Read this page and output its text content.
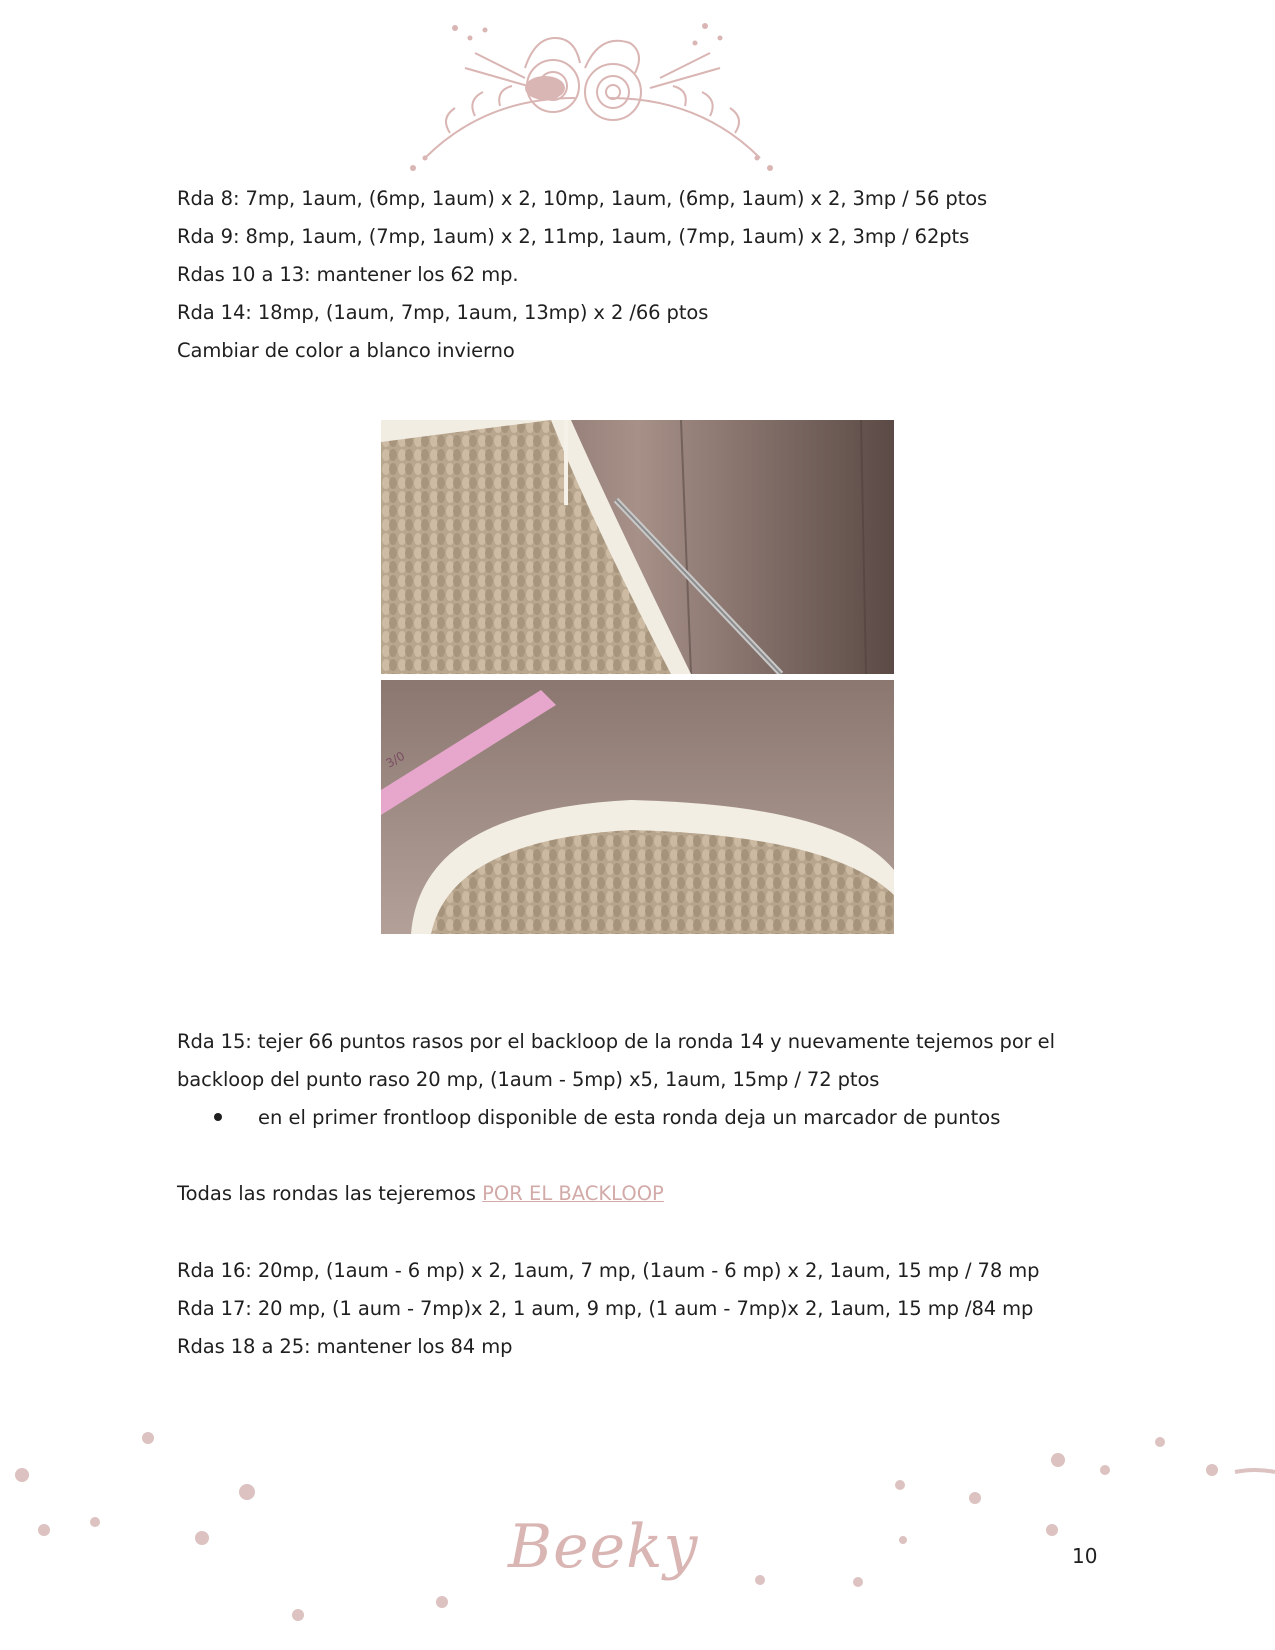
Rda 8: 7mp, 1aum, (6mp, 1aum) x 2, 10mp, 1aum, (6mp, 1aum) x 2, 3mp / 56 ptos
Rda 9: 8mp, 1aum, (7mp, 1aum) x 2, 11mp, 1aum, (7mp, 1aum) x 2, 3mp / 62pts
Rdas 10 a 13: mantener los 62 mp.
Rda 14: 18mp, (1aum, 7mp, 1aum, 13mp) x 2 /66 ptos
Cambiar de color a blanco invierno
3/0
Rda 15: tejer 66 puntos rasos por el backloop de la ronda 14 y nuevamente tejemos por el
backloop del punto raso 20 mp, (1aum - 5mp) x5, 1aum, 15mp / 72 ptos
en el primer frontloop disponible de esta ronda deja un marcador de puntos
Todas las rondas las tejeremos POR EL BACKLOOP
Rda 16: 20mp, (1aum - 6 mp) x 2, 1aum, 7 mp, (1aum - 6 mp) x 2, 1aum, 15 mp / 78 mp
Rda 17: 20 mp, (1 aum - 7mp)x 2, 1 aum, 9 mp, (1 aum - 7mp)x 2, 1aum, 15 mp /84 mp
Rdas 18 a 25: mantener los 84 mp
Beeky	10
